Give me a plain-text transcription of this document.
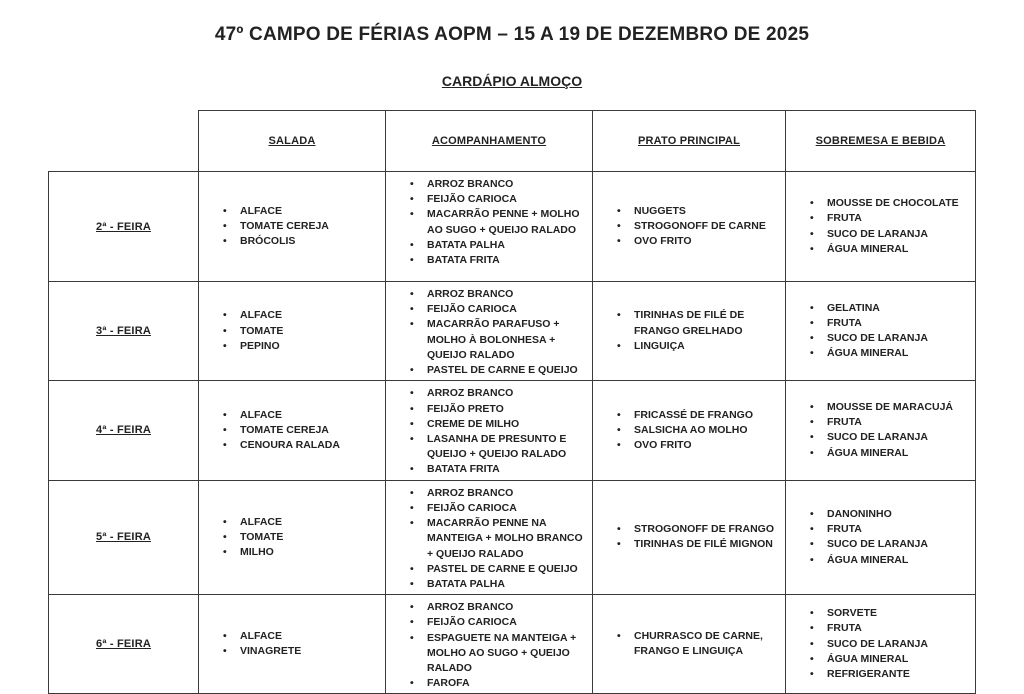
47º CAMPO DE FÉRIAS AOPM – 15 A 19 DE DEZEMBRO DE 2025
CARDÁPIO ALMOÇO
	SALADA	ACOMPANHAMENTO	PRATO PRINCIPAL	SOBREMESA E BEBIDA
2ª - FEIRA	
• ALFACE
• TOMATE CEREJA
• BRÓCOLIS

• ARROZ BRANCO
• FEIJÃO CARIOCA
• MACARRÃO PENNE + MOLHO AO SUGO + QUEIJO RALADO
• BATATA PALHA
• BATATA FRITA

• NUGGETS
• STROGONOFF DE CARNE
• OVO FRITO

• MOUSSE DE CHOCOLATE
• FRUTA
• SUCO DE LARANJA
• ÁGUA MINERAL

3ª - FEIRA	
• ALFACE
• TOMATE
• PEPINO

• ARROZ BRANCO
• FEIJÃO CARIOCA
• MACARRÃO PARAFUSO + MOLHO À BOLONHESA + QUEIJO RALADO
• PASTEL DE CARNE E QUEIJO

• TIRINHAS DE FILÉ DE FRANGO GRELHADO
• LINGUIÇA

• GELATINA
• FRUTA
• SUCO DE LARANJA
• ÁGUA MINERAL

4ª - FEIRA	
• ALFACE
• TOMATE CEREJA
• CENOURA RALADA

• ARROZ BRANCO
• FEIJÃO PRETO
• CREME DE MILHO
• LASANHA DE PRESUNTO E QUEIJO + QUEIJO RALADO
• BATATA FRITA

• FRICASSÉ DE FRANGO
• SALSICHA AO MOLHO
• OVO FRITO

• MOUSSE DE MARACUJÁ
• FRUTA
• SUCO DE LARANJA
• ÁGUA MINERAL

5ª - FEIRA	
• ALFACE
• TOMATE
• MILHO

• ARROZ BRANCO
• FEIJÃO CARIOCA
• MACARRÃO PENNE NA MANTEIGA + MOLHO BRANCO + QUEIJO RALADO
• PASTEL DE CARNE E QUEIJO
• BATATA PALHA

• STROGONOFF DE FRANGO
• TIRINHAS DE FILÉ MIGNON

• DANONINHO
• FRUTA
• SUCO DE LARANJA
• ÁGUA MINERAL

6ª - FEIRA	
• ALFACE
• VINAGRETE

• ARROZ BRANCO
• FEIJÃO CARIOCA
• ESPAGUETE NA MANTEIGA + MOLHO AO SUGO + QUEIJO RALADO
• FAROFA

• CHURRASCO DE CARNE, FRANGO E LINGUIÇA

• SORVETE
• FRUTA
• SUCO DE LARANJA
• ÁGUA MINERAL
• REFRIGERANTE
